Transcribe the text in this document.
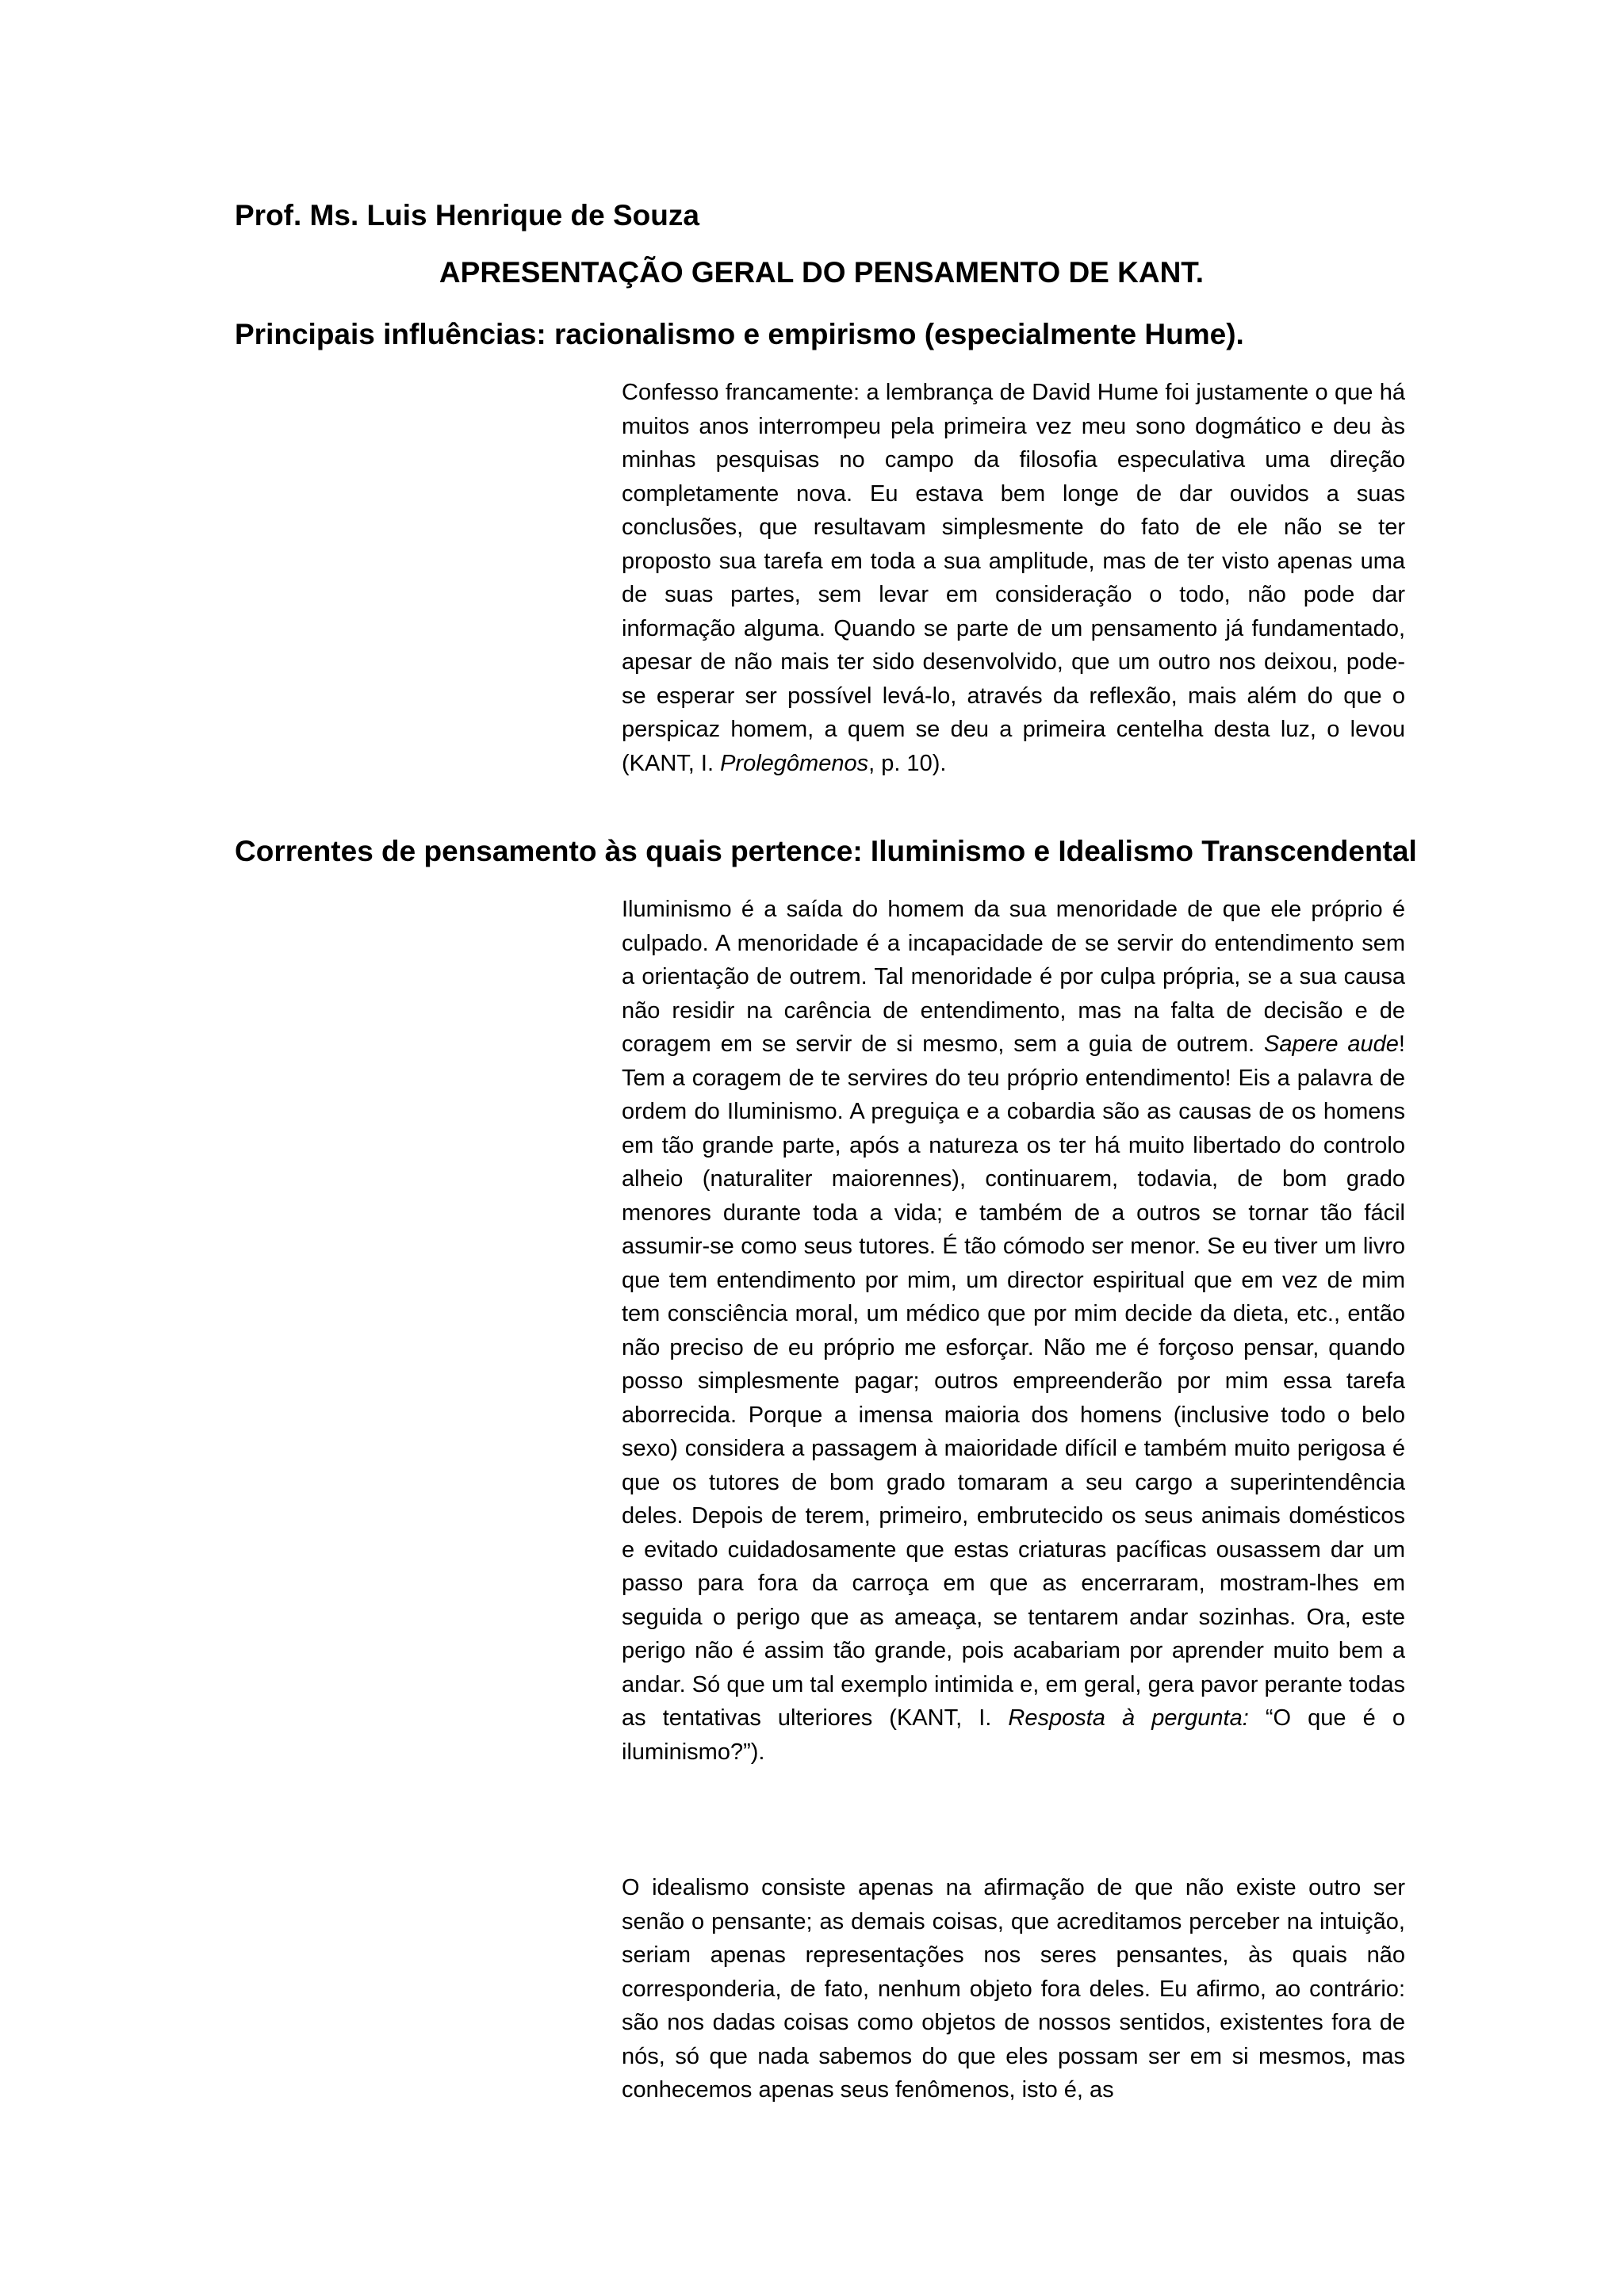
Prof. Ms. Luis Henrique de Souza
APRESENTAÇÃO GERAL DO PENSAMENTO DE KANT.
Principais influências: racionalismo e empirismo (especialmente Hume).

Confesso francamente: a lembrança de David Hume foi justamente o que há muitos anos interrompeu pela primeira vez meu sono dogmático e deu às minhas pesquisas no campo da filosofia especulativa uma direção completamente nova. Eu estava bem longe de dar ouvidos a suas conclusões, que resultavam simplesmente do fato de ele não se ter proposto sua tarefa em toda a sua amplitude, mas de ter visto apenas uma de suas partes, sem levar em consideração o todo, não pode dar informação alguma. Quando se parte de um pensamento já fundamentado, apesar de não mais ter sido desenvolvido, que um outro nos deixou, pode-se esperar ser possível levá-lo, através da reflexão, mais além do que o perspicaz homem, a quem se deu a primeira centelha desta luz, o levou (KANT, I. Prolegômenos, p. 10).

Correntes de pensamento às quais pertence: Iluminismo e Idealismo Transcendental

Iluminismo é a saída do homem da sua menoridade de que ele próprio é culpado. A menoridade é a incapacidade de se servir do entendimento sem a orientação de outrem. Tal menoridade é por culpa própria, se a sua causa não residir na carência de entendimento, mas na falta de decisão e de coragem em se servir de si mesmo, sem a guia de outrem. Sapere aude! Tem a coragem de te servires do teu próprio entendimento! Eis a palavra de ordem do Iluminismo. A preguiça e a cobardia são as causas de os homens em tão grande parte, após a natureza os ter há muito libertado do controlo alheio (naturaliter maiorennes), continuarem, todavia, de bom grado menores durante toda a vida; e também de a outros se tornar tão fácil assumir-se como seus tutores. É tão cómodo ser menor. Se eu tiver um livro que tem entendimento por mim, um director espiritual que em vez de mim tem consciência moral, um médico que por mim decide da dieta, etc., então não preciso de eu próprio me esforçar. Não me é forçoso pensar, quando posso simplesmente pagar; outros empreenderão por mim essa tarefa aborrecida. Porque a imensa maioria dos homens (inclusive todo o belo sexo) considera a passagem à maioridade difícil e também muito perigosa é que os tutores de bom grado tomaram a seu cargo a superintendência deles. Depois de terem, primeiro, embrutecido os seus animais domésticos e evitado cuidadosamente que estas criaturas pacíficas ousassem dar um passo para fora da carroça em que as encerraram, mostram-lhes em seguida o perigo que as ameaça, se tentarem andar sozinhas. Ora, este perigo não é assim tão grande, pois acabariam por aprender muito bem a andar. Só que um tal exemplo intimida e, em geral, gera pavor perante todas as tentativas ulteriores (KANT, I. Resposta à pergunta: “O que é o iluminismo?”).

O idealismo consiste apenas na afirmação de que não existe outro ser senão o pensante; as demais coisas, que acreditamos perceber na intuição, seriam apenas representações nos seres pensantes, às quais não corresponderia, de fato, nenhum objeto fora deles. Eu afirmo, ao contrário: são nos dadas coisas como objetos de nossos sentidos, existentes fora de nós, só que nada sabemos do que eles possam ser em si mesmos, mas conhecemos apenas seus fenômenos, isto é, as
